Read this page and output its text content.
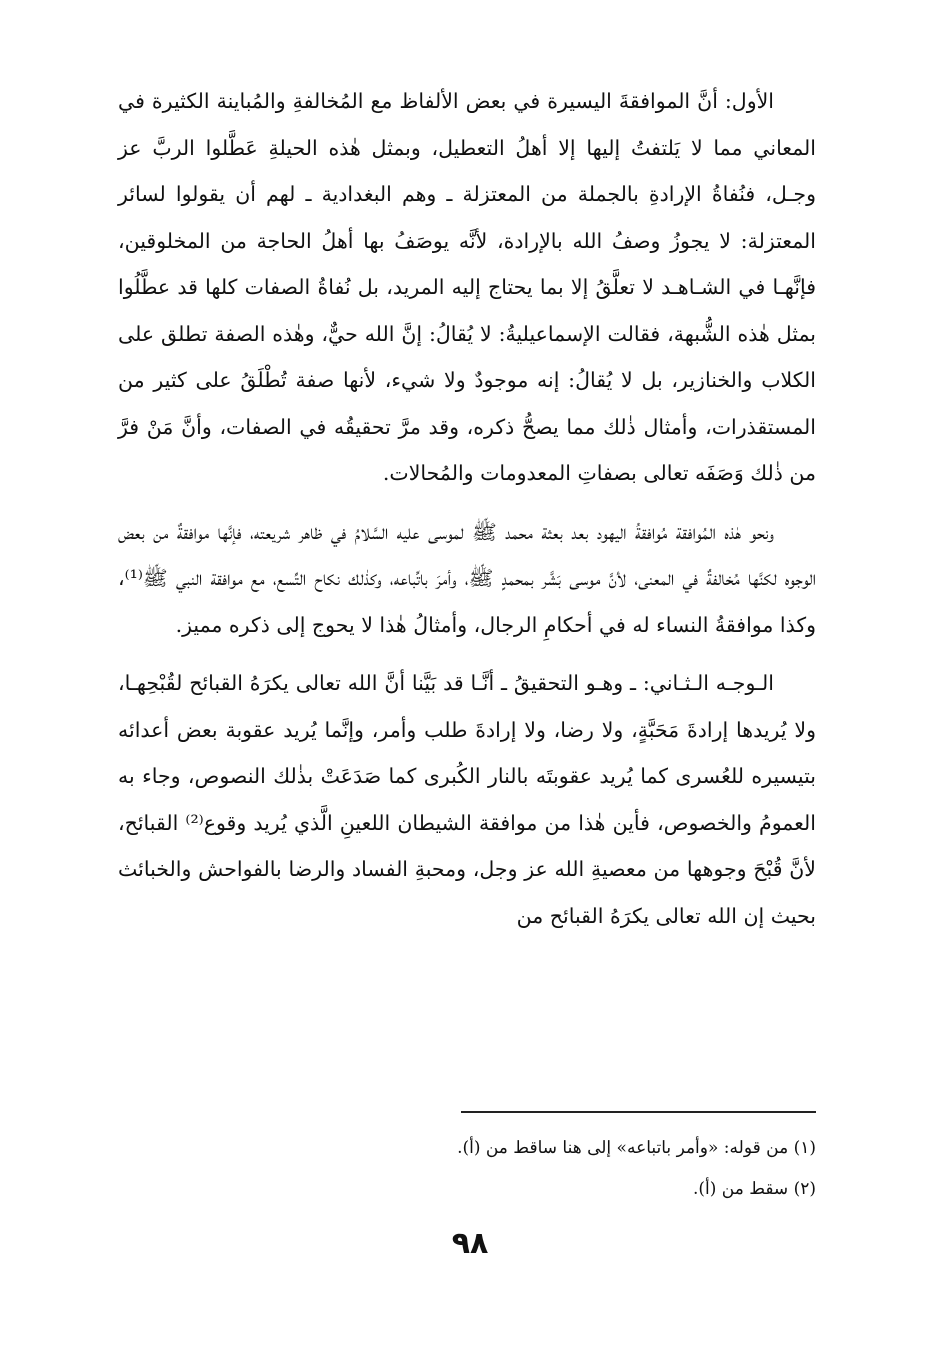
الأول: أنَّ الموافقةَ اليسيرة في بعض الألفاظ مع المُخالفةِ والمُباينة الكثيرة في المعاني مما لا يَلتفتُ إليها إلا أهلُ التعطيل، وبمثل هٰذه الحيلةِ عَطَّلوا الربَّ عز وجـل، فنُفاةُ الإرادةِ بالجملة من المعتزلة ـ وهم البغدادية ـ لهم أن يقولوا لسائر المعتزلة: لا يجوزُ وصفُ الله بالإرادة، لأنَّه يوصَفُ بها أهلُ الحاجة من المخلوقين، فإنَّهـا في الشـاهـد لا تعلَّقُ إلا بما يحتاج إليه المريد، بل نُفاةُ الصفات كلها قد عطَّلُوا بمثل هٰذه الشُّبهة، فقالت الإسماعيليةُ: لا يُقالُ: إنَّ الله حيٌّ، وهٰذه الصفة تطلق على الكلاب والخنازير، بل لا يُقالُ: إنه موجودٌ ولا شيء، لأنها صفة تُطْلَقُ على كثير من المستقذرات، وأمثال ذٰلك مما يصحُّ ذكره، وقد مرَّ تحقيقُه في الصفات، وأنَّ مَنْ فرَّ من ذٰلك وَصَفَه تعالى بصفاتِ المعدومات والمُحالات.

ونحو هٰذه المُوافقة مُوافقةُ اليهود بعد بعثة محمد ﷺ لموسى عليه السَّلامُ في ظاهر شريعته، فإنَّها موافقةٌ من بعض الوجوه لكنَّها مُخالفةٌ في المعنى، لأنَّ موسى بَشَّر بمحمدٍ ﷺ، وأمرَ باتِّباعه، وكذٰلك نكاح التِّسع، مع موافقة النبي ﷺ⁽¹⁾، وكذا موافقةُ النساء له في أحكامِ الرجال، وأمثالُ هٰذا لا يحوج إلى ذكره مميز.

الـوجـه الـثـاني: ـ وهـو التحقيقُ ـ أنَّـا قد بَيَّنا أنَّ الله تعالى يكرَهُ القبائح لقُبْحِهـا، ولا يُريدها إرادةَ مَحَبَّةٍ، ولا رضا، ولا إرادةَ طلب وأمر، وإنَّما يُريد عقوبة بعض أعدائه بتيسيره للعُسرى كما يُريد عقوبتَه بالنار الكُبرى كما صَدَعَتْ بذٰلك النصوص، وجاء به العمومُ والخصوص، فأين هٰذا من موافقة الشيطان اللعينِ الَّذي يُريد وقوع⁽²⁾ القبائح، لأنَّ قُبْحَ وجوهها من معصيةِ الله عز وجل، ومحبةِ الفساد والرضا بالفواحش والخبائث بحيث إن الله تعالى يكرَهُ القبائح من

(١) من قوله: «وأمر باتباعه» إلى هنا ساقط من (أ).

(٢) سقط من (أ).

٩٨
